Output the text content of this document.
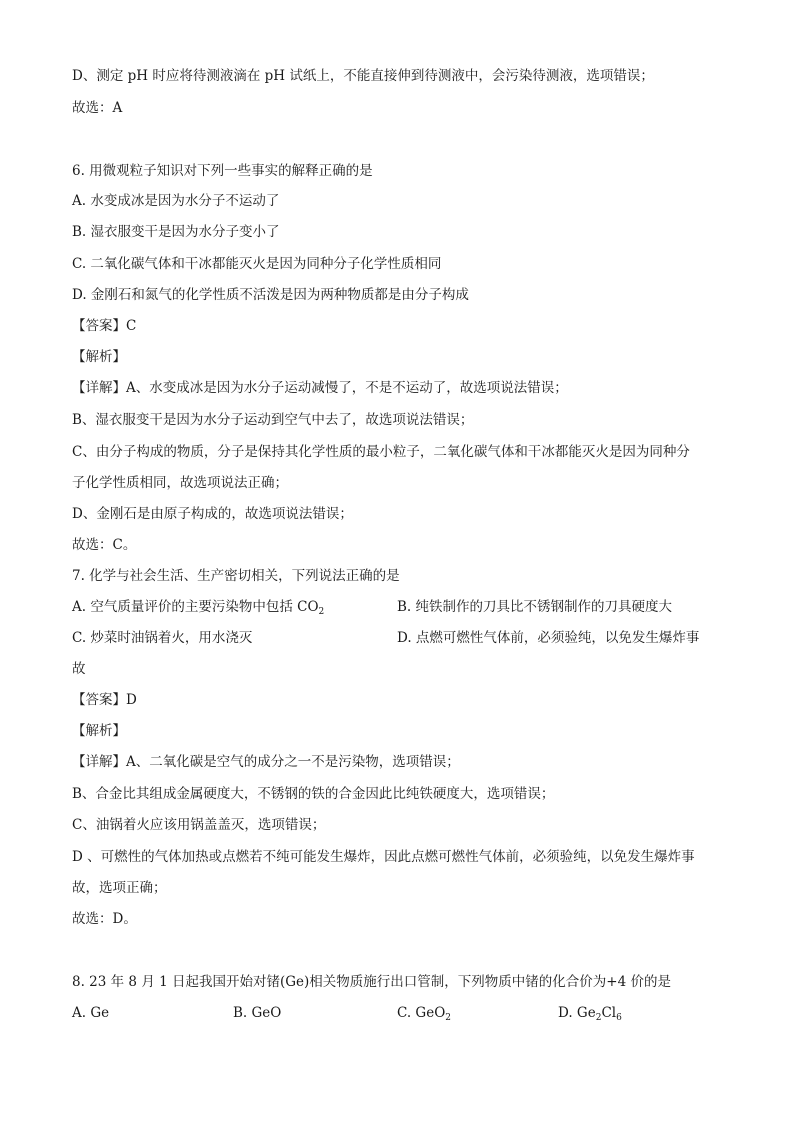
D、测定 pH 时应将待测液滴在 pH 试纸上，不能直接伸到待测液中，会污染待测液，选项错误；
故选：A
6. 用微观粒子知识对下列一些事实的解释正确的是
A. 水变成冰是因为水分子不运动了
B. 湿衣服变干是因为水分子变小了
C. 二氧化碳气体和干冰都能灭火是因为同种分子化学性质相同
D. 金刚石和氮气的化学性质不活泼是因为两种物质都是由分子构成
【答案】C
【解析】
【详解】A、水变成冰是因为水分子运动减慢了，不是不运动了，故选项说法错误；
B、湿衣服变干是因为水分子运动到空气中去了，故选项说法错误；
C、由分子构成的物质，分子是保持其化学性质的最小粒子，二氧化碳气体和干冰都能灭火是因为同种分
子化学性质相同，故选项说法正确；
D、金刚石是由原子构成的，故选项说法错误；
故选：C。
7. 化学与社会生活、生产密切相关，下列说法正确的是
A. 空气质量评价的主要污染物中包括 $CO_2$	B. 纯铁制作的刀具比不锈钢制作的刀具硬度大
C. 炒菜时油锅着火，用水浇灭	D. 点燃可燃性气体前，必须验纯，以免发生爆炸事
故
【答案】D
【解析】
【详解】A、二氧化碳是空气的成分之一不是污染物，选项错误；
B、合金比其组成金属硬度大，不锈钢的铁的合金因此比纯铁硬度大，选项错误；
C、油锅着火应该用锅盖盖灭，选项错误；
D 、可燃性的气体加热或点燃若不纯可能发生爆炸，因此点燃可燃性气体前，必须验纯，以免发生爆炸事
故，选项正确；
故选：D。
8. 23 年 8 月 1 日起我国开始对锗(Ge)相关物质施行出口管制，下列物质中锗的化合价为+4 价的是
A. Ge	B. GeO	C. GeO$_2$	D. $Ge_2Cl_6$
